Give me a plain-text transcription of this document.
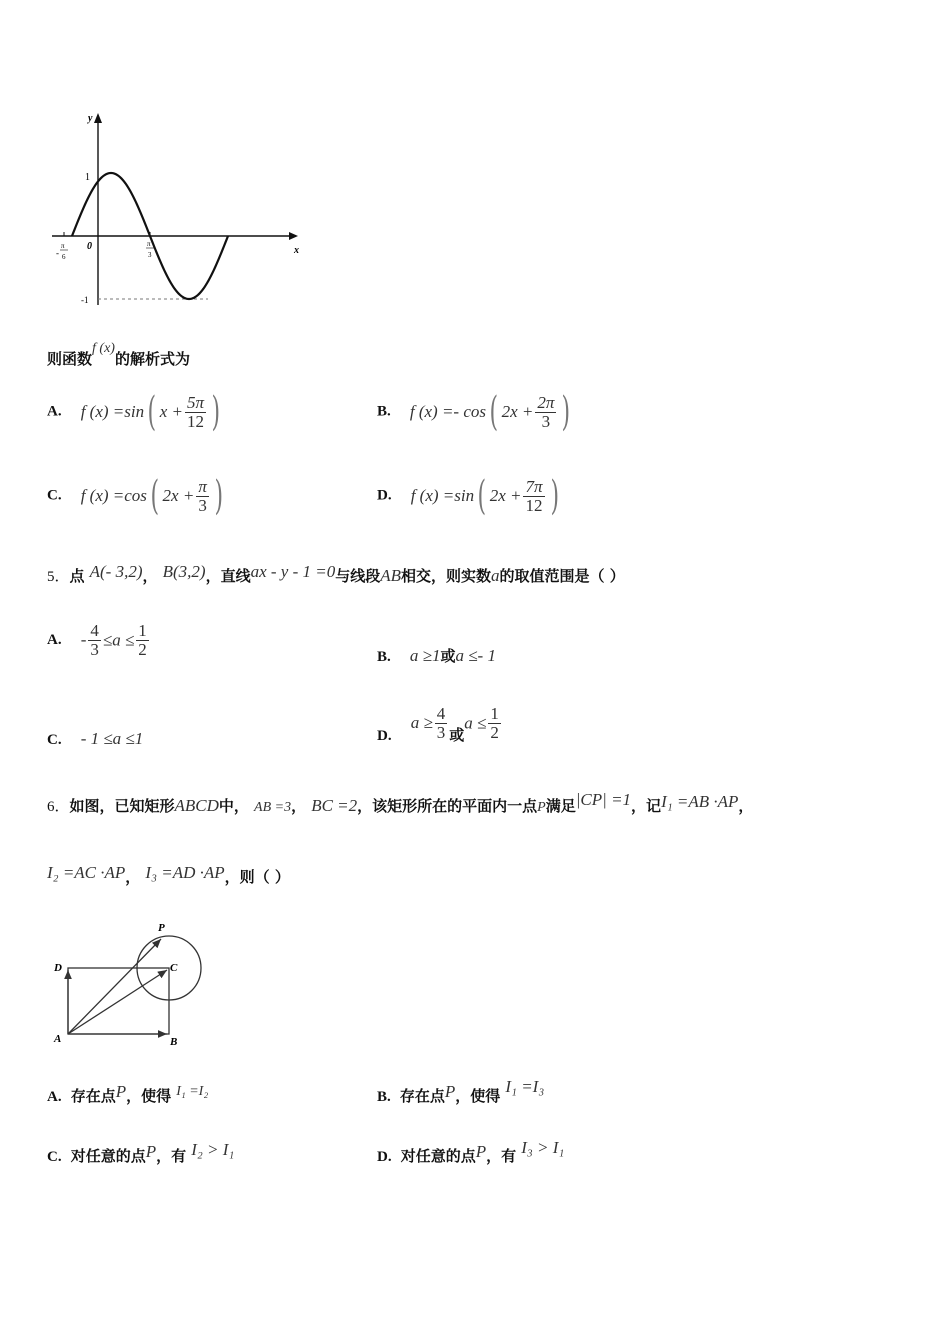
y
x
1
-1
0
-
π
6
π
3
则函数f (x)的解析式为
A. f (x) =sin( $x + \frac{5\pi}{12}$ )	B. f (x) =- cos( $2x + \frac{2\pi}{3}$ )
C. f (x) =cos( $2x + \frac{\pi}{3}$ )	D. f (x) =sin( $2x + \frac{7\pi}{12}$ )
5．点 A(- 3,2)， B(3,2)，直线ax - y - 1 =0与线段AB相交，则实数a的取值范围是（ ）
A. - $\frac{4}{3} \le a \le \frac{1}{2}$	B. a ≥1或a ≤- 1
C. - 1 ≤a ≤1	D. $a \ge \frac{4}{3}$ 或$a \le \frac{1}{2}$
6．如图，已知矩形ABCD中， AB =3， BC =2，该矩形所在的平面内一点P满足|CP| =1，记I₁ =AB ·AP，
I₂ =AC ·AP， I₃ =AD ·AP，则（ ）
P
C
D
A	B
A. 存在点P，使得 I₁ =I₂	B. 存在点P，使得 I₁ =I₃
C. 对任意的点P，有 I₂ > I₁	D. 对任意的点P，有 I₃ > I₁
